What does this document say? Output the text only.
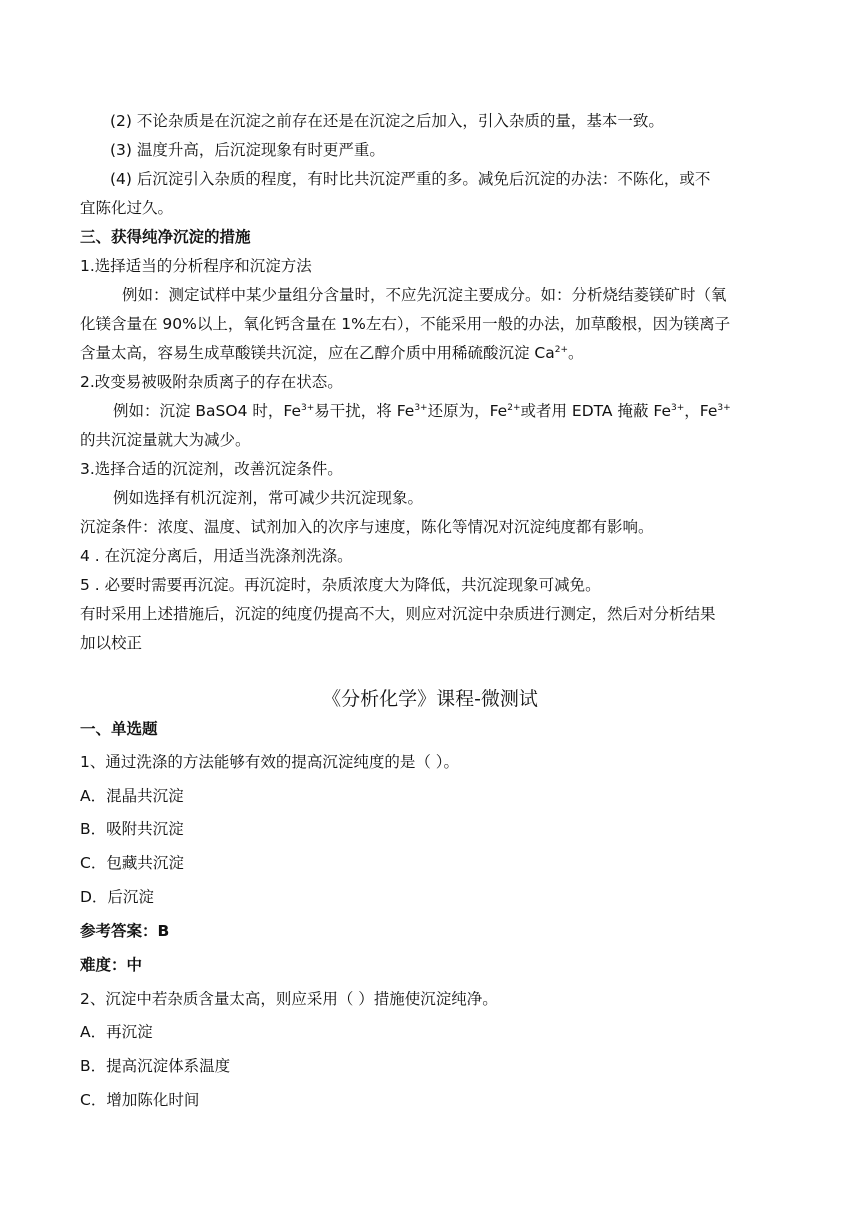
(2) 不论杂质是在沉淀之前存在还是在沉淀之后加入，引入杂质的量，基本一致。
(3) 温度升高，后沉淀现象有时更严重。
(4) 后沉淀引入杂质的程度，有时比共沉淀严重的多。减免后沉淀的办法：不陈化，或不
宜陈化过久。
三、获得纯净沉淀的措施
1.选择适当的分析程序和沉淀方法
例如：测定试样中某少量组分含量时，不应先沉淀主要成分。如：分析烧结菱镁矿时（氧
化镁含量在 90%以上，氧化钙含量在 1%左右），不能采用一般的办法，加草酸根，因为镁离子
含量太高，容易生成草酸镁共沉淀，应在乙醇介质中用稀硫酸沉淀 $Ca^{2+}$。
2.改变易被吸附杂质离子的存在状态。
例如：沉淀 BaSO4 时，$Fe^{3+}$易干扰，将 $Fe^{3+}$还原为，$Fe^{2+}$或者用 EDTA 掩蔽 $Fe^{3+}$，$Fe^{3+}$
的共沉淀量就大为减少。
3.选择合适的沉淀剂，改善沉淀条件。
例如选择有机沉淀剂，常可减少共沉淀现象。
沉淀条件：浓度、温度、试剂加入的次序与速度，陈化等情况对沉淀纯度都有影响。
4 . 在沉淀分离后，用适当洗涤剂洗涤。
5 . 必要时需要再沉淀。再沉淀时，杂质浓度大为降低，共沉淀现象可减免。
有时采用上述措施后，沉淀的纯度仍提高不大，则应对沉淀中杂质进行测定，然后对分析结果
加以校正
《分析化学》课程-微测试
一、单选题
1、通过洗涤的方法能够有效的提高沉淀纯度的是（ ）。
A．混晶共沉淀
B．吸附共沉淀
C．包藏共沉淀
D．后沉淀
参考答案：B
难度：中
2、沉淀中若杂质含量太高，则应采用（ ）措施使沉淀纯净。
A．再沉淀
B．提高沉淀体系温度
C．增加陈化时间
